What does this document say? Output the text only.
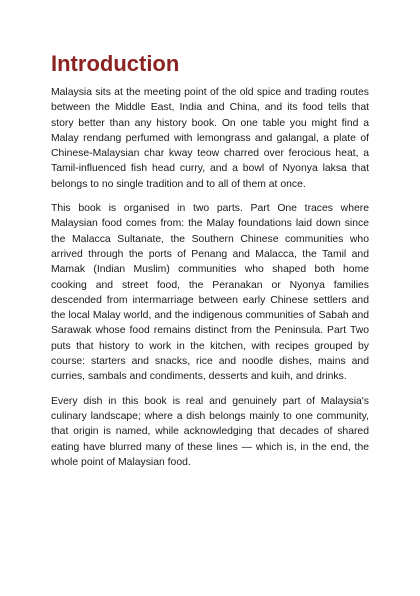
Introduction

Malaysia sits at the meeting point of the old spice and trading routes between the Middle East, India and China, and its food tells that story better than any history book. On one table you might find a Malay rendang perfumed with lemongrass and galangal, a plate of Chinese-Malaysian char kway teow charred over ferocious heat, a Tamil-influenced fish head curry, and a bowl of Nyonya laksa that belongs to no single tradition and to all of them at once.

This book is organised in two parts. Part One traces where Malaysian food comes from: the Malay foundations laid down since the Malacca Sultanate, the Southern Chinese communities who arrived through the ports of Penang and Malacca, the Tamil and Mamak (Indian Muslim) communities who shaped both home cooking and street food, the Peranakan or Nyonya families descended from intermarriage between early Chinese settlers and the local Malay world, and the indigenous communities of Sabah and Sarawak whose food remains distinct from the Peninsula. Part Two puts that history to work in the kitchen, with recipes grouped by course: starters and snacks, rice and noodle dishes, mains and curries, sambals and condiments, desserts and kuih, and drinks.

Every dish in this book is real and genuinely part of Malaysia's culinary landscape; where a dish belongs mainly to one community, that origin is named, while acknowledging that decades of shared eating have blurred many of these lines — which is, in the end, the whole point of Malaysian food.
